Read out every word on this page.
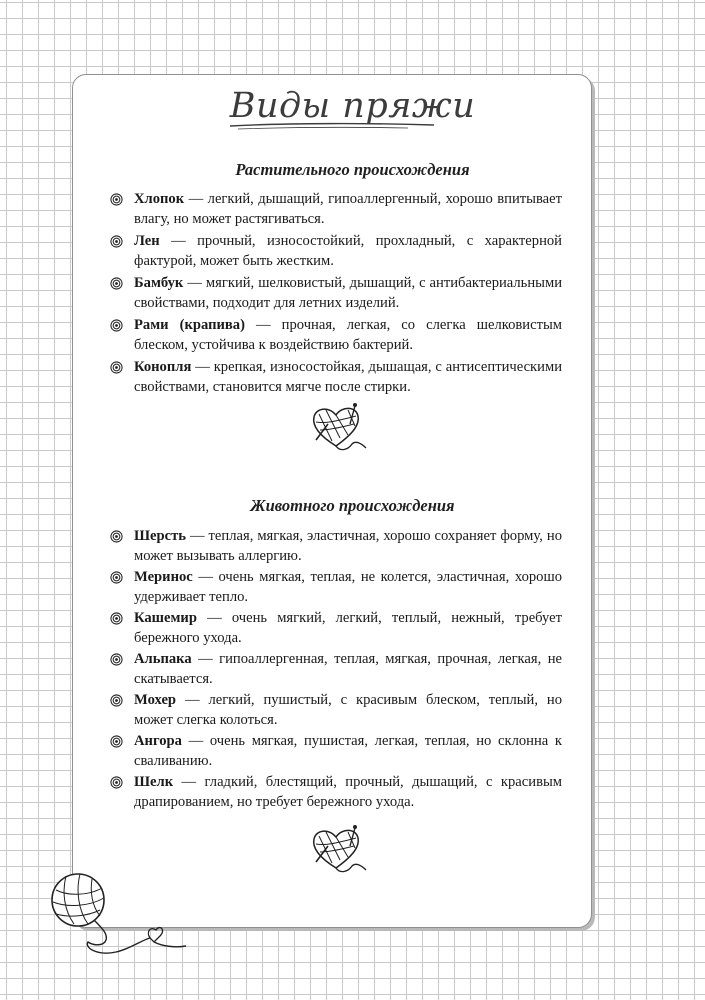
Виды пряжи
Растительного происхождения
Хлопок — легкий, дышащий, гипоаллергенный, хорошо впитывает влагу, но может растягиваться.
Лен — прочный, износостойкий, прохладный, с характерной фактурой, может быть жестким.
Бамбук — мягкий, шелковистый, дышащий, с антибактериальными свойствами, подходит для летних изделий.
Рами (крапива) — прочная, легкая, со слегка шелковистым блеском, устойчива к воздействию бактерий.
Конопля — крепкая, износостойкая, дышащая, с антисептическими свойствами, становится мягче после стирки.
Животного происхождения
Шерсть — теплая, мягкая, эластичная, хорошо сохраняет форму, но может вызывать аллергию.
Меринос — очень мягкая, теплая, не колется, эластичная, хорошо удерживает тепло.
Кашемир — очень мягкий, легкий, теплый, нежный, требует бережного ухода.
Альпака — гипоаллергенная, теплая, мягкая, прочная, легкая, не скатывается.
Мохер — легкий, пушистый, с красивым блеском, теплый, но может слегка колоться.
Ангора — очень мягкая, пушистая, легкая, теплая, но склонна к сваливанию.
Шелк — гладкий, блестящий, прочный, дышащий, с красивым драпированием, но требует бережного ухода.
